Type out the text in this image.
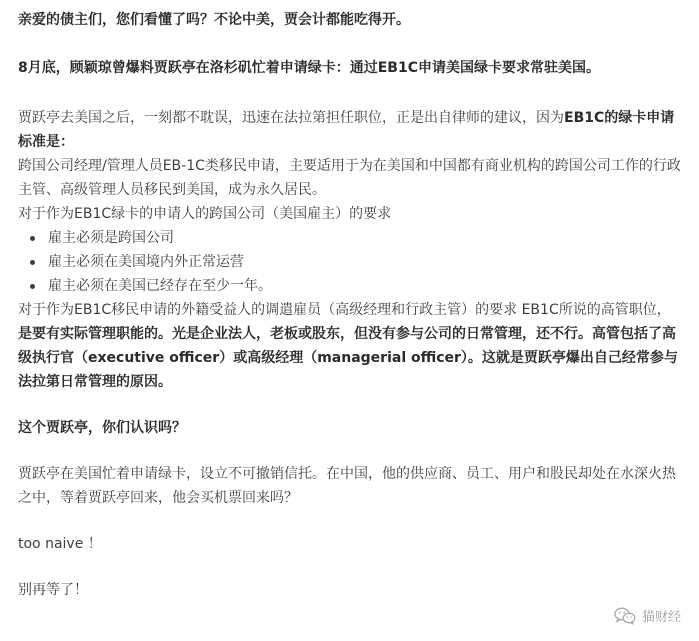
亲爱的债主们，您们看懂了吗？不论中美，贾会计都能吃得开。

8月底，顾颖琼曾爆料贾跃亭在洛杉矶忙着申请绿卡：通过EB1C申请美国绿卡要求常驻美国。

贾跃亭去美国之后，一刻都不耽误，迅速在法拉第担任职位，正是出自律师的建议，因为EB1C的绿卡申请标准是：

跨国公司经理/管理人员EB-1C类移民申请，主要适用于为在美国和中国都有商业机构的跨国公司工作的行政主管、高级管理人员移民到美国，成为永久居民。

对于作为EB1C绿卡的申请人的跨国公司（美国雇主）的要求

雇主必须是跨国公司
雇主必须在美国境内外正常运营
雇主必须在美国已经存在至少一年。

对于作为EB1C移民申请的外籍受益人的调遣雇员（高级经理和行政主管）的要求 EB1C所说的高管职位，是要有实际管理职能的。光是企业法人，老板或股东，但没有参与公司的日常管理，还不行。高管包括了高级执行官（executive officer）或高级经理（managerial officer）。这就是贾跃亭爆出自己经常参与法拉第日常管理的原因。

这个贾跃亭，你们认识吗？

贾跃亭在美国忙着申请绿卡，设立不可撤销信托。在中国，他的供应商、员工、用户和股民却处在水深火热之中，等着贾跃亭回来，他会买机票回来吗？

too naive ！

别再等了！

猫财经
